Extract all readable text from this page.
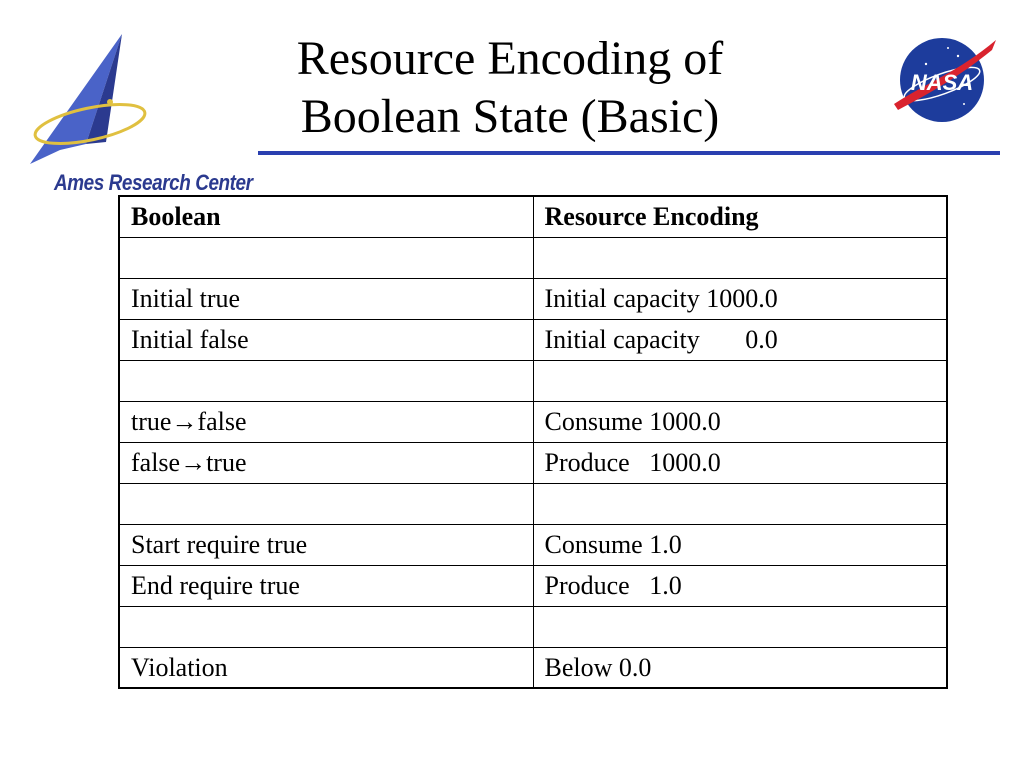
Ames Research Center
Resource Encoding of
Boolean State (Basic)
NASA
Boolean	Resource Encoding

Initial true	Initial capacity 1000.0
Initial false	Initial capacity       0.0

true→false	Consume 1000.0
false→true	Produce   1000.0

Start require true	Consume 1.0
End require true	Produce   1.0

Violation	Below 0.0
